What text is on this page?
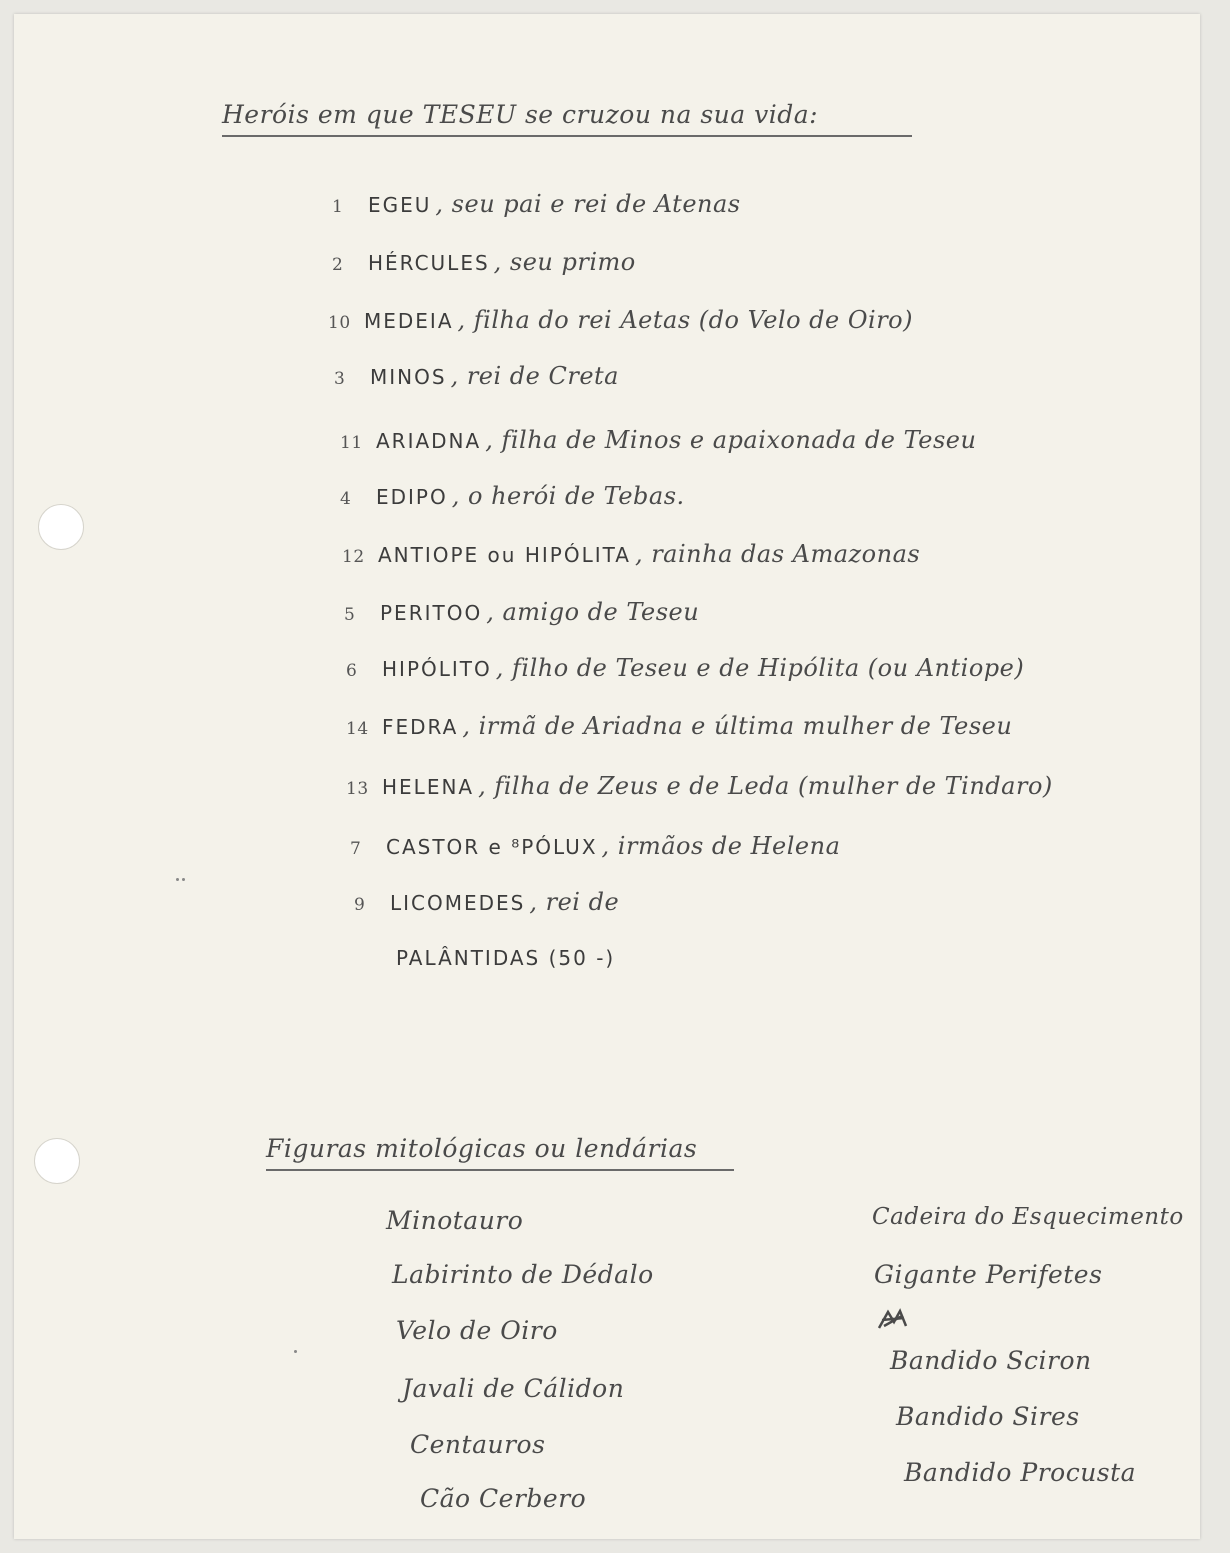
Heróis em que TESEU se cruzou na sua vida:
1	EGEU , seu pai e rei de Atenas
2	HÉRCULES , seu primo
10 MEDEIA , filha do rei Aetas (do Velo de Oiro)
3	MINOS , rei de Creta
11 ARIADNA , filha de Minos e apaixonada de Teseu
4	EDIPO , o herói de Tebas.
12 ANTIOPE ou HIPÓLITA , rainha das Amazonas
5	PERITOO , amigo de Teseu
6	HIPÓLITO , filho de Teseu e de Hipólita (ou Antiope)
14 FEDRA , irmã de Ariadna e última mulher de Teseu
13 HELENA , filha de Zeus e de Leda (mulher de Tindaro)
7	CASTOR e ⁸PÓLUX , irmãos de Helena
9	LICOMEDES , rei de
PALÂNTIDAS (50 -)
Figuras mitológicas ou lendárias
Minotauro
Labirinto de Dédalo
Velo de Oiro
Javali de Cálidon
Centauros
Cão Cerbero
Cadeira do Esquecimento
Gigante Perifetes
Bandido Sciron
Bandido Sires
Bandido Procusta
